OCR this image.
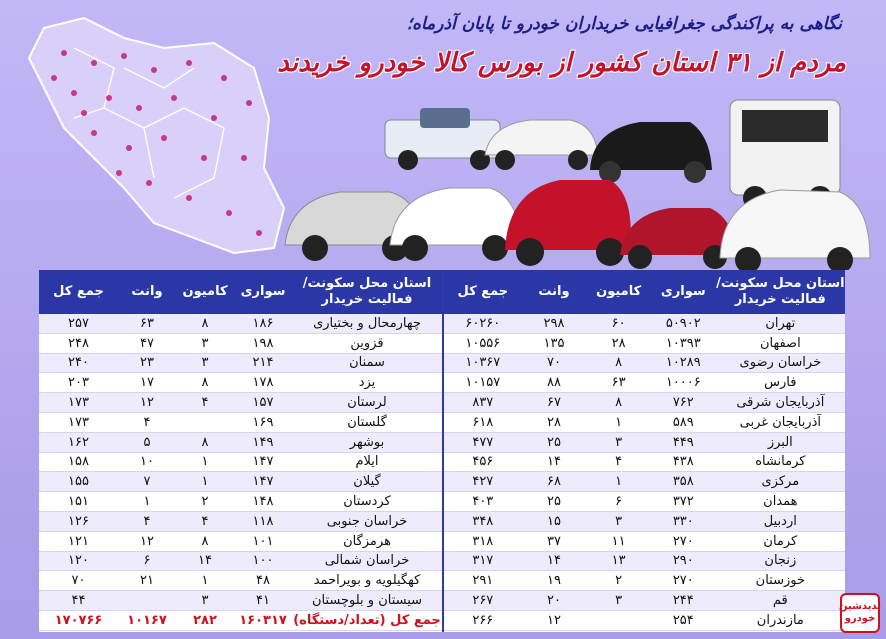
نگاهی به پراکندگی جغرافیایی خریداران خودرو تا پایان آذرماه؛
مردم از ۳۱ استان کشور از بورس کالا خودرو خریدند
استان محل سکونت/فعالیت خریدار
سواری
کامیون
وانت
جمع کل
تهران
۵۰۹۰۲
۶۰
۲۹۸
۶۰۲۶۰
اصفهان
۱۰۳۹۳
۲۸
۱۳۵
۱۰۵۵۶
خراسان رضوی
۱۰۲۸۹
۸
۷۰
۱۰۳۶۷
فارس
۱۰۰۰۶
۶۳
۸۸
۱۰۱۵۷
آذربایجان شرقی
۷۶۲
۸
۶۷
۸۳۷
آذربایجان غربی
۵۸۹
۱
۲۸
۶۱۸
البرز
۴۴۹
۳
۲۵
۴۷۷
کرمانشاه
۴۳۸
۴
۱۴
۴۵۶
مرکزی
۳۵۸
۱
۶۸
۴۲۷
همدان
۳۷۲
۶
۲۵
۴۰۳
اردبیل
۳۳۰
۳
۱۵
۳۴۸
کرمان
۲۷۰
۱۱
۳۷
۳۱۸
زنجان
۲۹۰
۱۳
۱۴
۳۱۷
خوزستان
۲۷۰
۲
۱۹
۲۹۱
قم
۲۴۴
۳
۲۰
۲۶۷
مازندران
۲۵۴
۱۲
۲۶۶
استان محل سکونت/فعالیت خریدار
سواری
کامیون
وانت
جمع کل
چهارمحال و بختیاری
۱۸۶
۸
۶۳
۲۵۷
قزوین
۱۹۸
۳
۴۷
۲۴۸
سمنان
۲۱۴
۳
۲۳
۲۴۰
یزد
۱۷۸
۸
۱۷
۲۰۳
لرستان
۱۵۷
۴
۱۲
۱۷۳
گلستان
۱۶۹
۴
۱۷۳
بوشهر
۱۴۹
۸
۵
۱۶۲
ایلام
۱۴۷
۱
۱۰
۱۵۸
گیلان
۱۴۷
۱
۷
۱۵۵
کردستان
۱۴۸
۲
۱
۱۵۱
خراسان جنوبی
۱۱۸
۴
۴
۱۲۶
هرمزگان
۱۰۱
۸
۱۲
۱۲۱
خراسان شمالی
۱۰۰
۱۴
۶
۱۲۰
کهگیلویه و بویراحمد
۴۸
۱
۲۱
۷۰
سیستان و بلوچستان
۴۱
۳
۴۴
جمع کل (تعداد/دستگاه)
۱۶۰۳۱۷
۲۸۲
۱۰۱۶۷
۱۷۰۷۶۶
پدیدشین
خودرو
